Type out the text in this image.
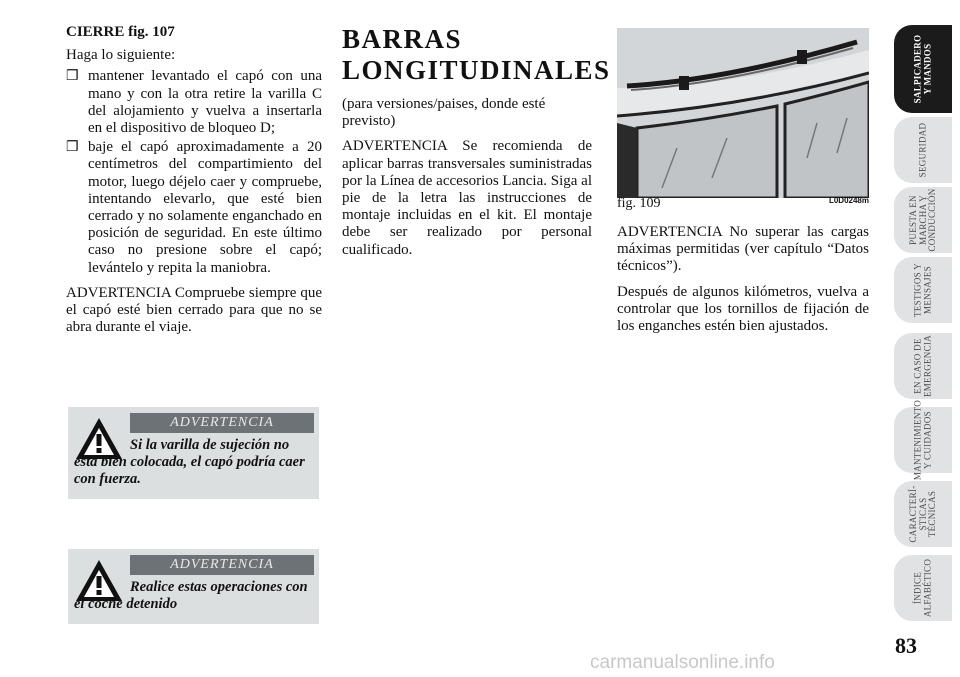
CIERRE fig. 107

Haga lo siguiente:

❒ mantener levantado el capó con una mano y con la otra retire la varilla C del alojamiento y vuelva a insertarla en el dispositivo de bloqueo D;
❒ baje el capó aproximadamente a 20 centímetros del compartimiento del motor, luego déjelo caer y compruebe, intentando elevarlo, que esté bien cerrado y no solamente enganchado en posición de seguridad. En este último caso no presione sobre el capó; levántelo y repita la maniobra.

ADVERTENCIA Compruebe siempre que el capó esté bien cerrado para que no se abra durante el viaje.

ADVERTENCIA
Si la varilla de sujeción no está bien colocada, el capó podría caer con fuerza.
ADVERTENCIA
Realice estas operaciones con el coche detenido
BARRAS
LONGITUDINALES

(para versiones/paises, donde esté previsto)

ADVERTENCIA Se recomienda de aplicar barras transversales suministradas por la Línea de accesorios Lancia. Siga al pie de la letra las instrucciones de montaje incluidas en el kit. El montaje debe ser realizado por personal cualificado.

fig. 109	L0D0248m

ADVERTENCIA No superar las cargas máximas permitidas (ver capítulo “Datos técnicos”).

Después de algunos kilómetros, vuelva a controlar que los tornillos de fijación de los enganches estén bien ajustados.

SALPICADERO
Y MANDOS
SEGURIDAD
PUESTA EN
MARCHA Y
CONDUCCIÓN
TESTIGOS Y
MENSAJES
EN CASO DE
EMERGENCIA
MANTENIMIENTO
Y CUIDADOS
CARACTERÍ-
STICAS
TÉCNICAS
ÍNDICE
ALFABÉTICO
83
carmanualsonline.info
